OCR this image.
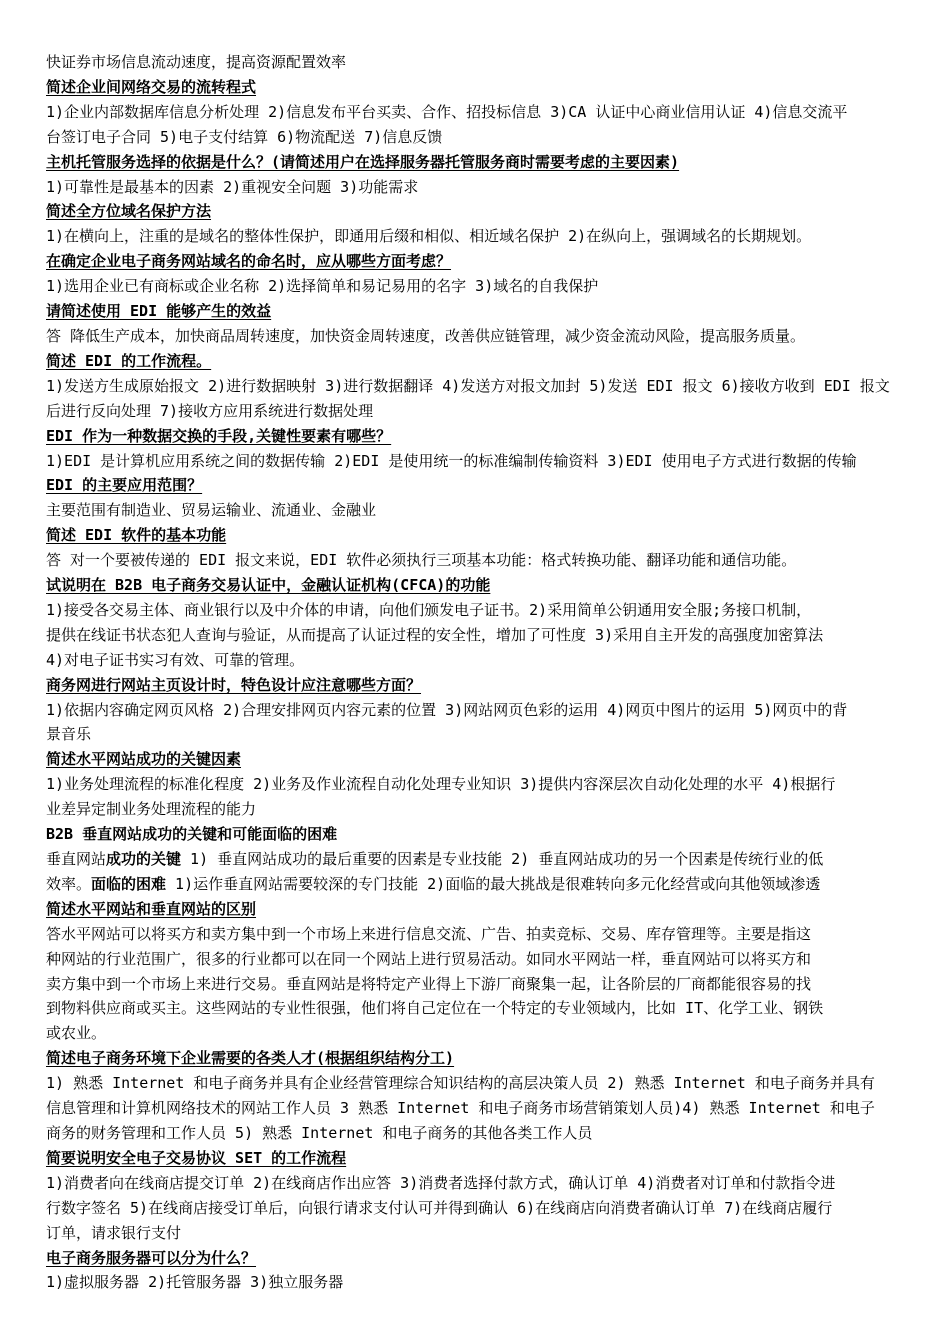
快证券市场信息流动速度，提高资源配置效率

简述企业间网络交易的流转程式

1)企业内部数据库信息分析处理 2)信息发布平台买卖、合作、招投标信息 3)CA 认证中心商业信用认证 4)信息交流平

台签订电子合同 5)电子支付结算 6)物流配送 7)信息反馈

主机托管服务选择的依据是什么？(请简述用户在选择服务器托管服务商时需要考虑的主要因素)

1)可靠性是最基本的因素 2)重视安全问题 3)功能需求

简述全方位域名保护方法

1)在横向上，注重的是域名的整体性保护，即通用后缀和相似、相近域名保护 2)在纵向上，强调域名的长期规划。

在确定企业电子商务网站域名的命名时，应从哪些方面考虑？

1)选用企业已有商标或企业名称 2)选择简单和易记易用的名字 3)域名的自我保护

请简述使用 EDI 能够产生的效益

答 降低生产成本，加快商品周转速度，加快资金周转速度，改善供应链管理，减少资金流动风险，提高服务质量。

简述 EDI 的工作流程。

1)发送方生成原始报文 2)进行数据映射 3)进行数据翻译 4)发送方对报文加封 5)发送 EDI 报文 6)接收方收到 EDI 报文

后进行反向处理 7)接收方应用系统进行数据处理

EDI 作为一种数据交换的手段,关键性要素有哪些？

1)EDI 是计算机应用系统之间的数据传输 2)EDI 是使用统一的标准编制传输资料 3)EDI 使用电子方式进行数据的传输

EDI 的主要应用范围？

主要范围有制造业、贸易运输业、流通业、金融业

简述 EDI 软件的基本功能

答 对一个要被传递的 EDI 报文来说，EDI 软件必须执行三项基本功能：格式转换功能、翻译功能和通信功能。

试说明在 B2B 电子商务交易认证中，金融认证机构(CFCA)的功能

1)接受各交易主体、商业银行以及中介体的申请，向他们颁发电子证书。2)采用简单公钥通用安全服;务接口机制，

提供在线证书状态犯人查询与验证，从而提高了认证过程的安全性，增加了可性度 3)采用自主开发的高强度加密算法

4)对电子证书实习有效、可靠的管理。

商务网进行网站主页设计时，特色设计应注意哪些方面？

1)依据内容确定网页风格 2)合理安排网页内容元素的位置 3)网站网页色彩的运用 4)网页中图片的运用 5)网页中的背

景音乐

简述水平网站成功的关键因素

1)业务处理流程的标准化程度 2)业务及作业流程自动化处理专业知识 3)提供内容深层次自动化处理的水平 4)根据行

业差异定制业务处理流程的能力

B2B 垂直网站成功的关键和可能面临的困难

垂直网站成功的关键 1) 垂直网站成功的最后重要的因素是专业技能 2) 垂直网站成功的另一个因素是传统行业的低

效率。面临的困难 1)运作垂直网站需要较深的专门技能 2)面临的最大挑战是很难转向多元化经营或向其他领域渗透

简述水平网站和垂直网站的区别

答水平网站可以将买方和卖方集中到一个市场上来进行信息交流、广告、拍卖竞标、交易、库存管理等。主要是指这

种网站的行业范围广，很多的行业都可以在同一个网站上进行贸易活动。如同水平网站一样，垂直网站可以将买方和

卖方集中到一个市场上来进行交易。垂直网站是将特定产业得上下游厂商聚集一起，让各阶层的厂商都能很容易的找

到物料供应商或买主。这些网站的专业性很强，他们将自己定位在一个特定的专业领域内，比如 IT、化学工业、钢铁

或农业。

简述电子商务环境下企业需要的各类人才(根据组织结构分工)

1) 熟悉 Internet 和电子商务并具有企业经营管理综合知识结构的高层决策人员 2) 熟悉 Internet 和电子商务并具有

信息管理和计算机网络技术的网站工作人员 3 熟悉 Internet 和电子商务市场营销策划人员)4) 熟悉 Internet 和电子

商务的财务管理和工作人员 5) 熟悉 Internet 和电子商务的其他各类工作人员

简要说明安全电子交易协议 SET 的工作流程

1)消费者向在线商店提交订单 2)在线商店作出应答 3)消费者选择付款方式，确认订单 4)消费者对订单和付款指令进

行数字签名 5)在线商店接受订单后，向银行请求支付认可并得到确认 6)在线商店向消费者确认订单 7)在线商店履行

订单，请求银行支付

电子商务服务器可以分为什么？

1)虚拟服务器 2)托管服务器 3)独立服务器
